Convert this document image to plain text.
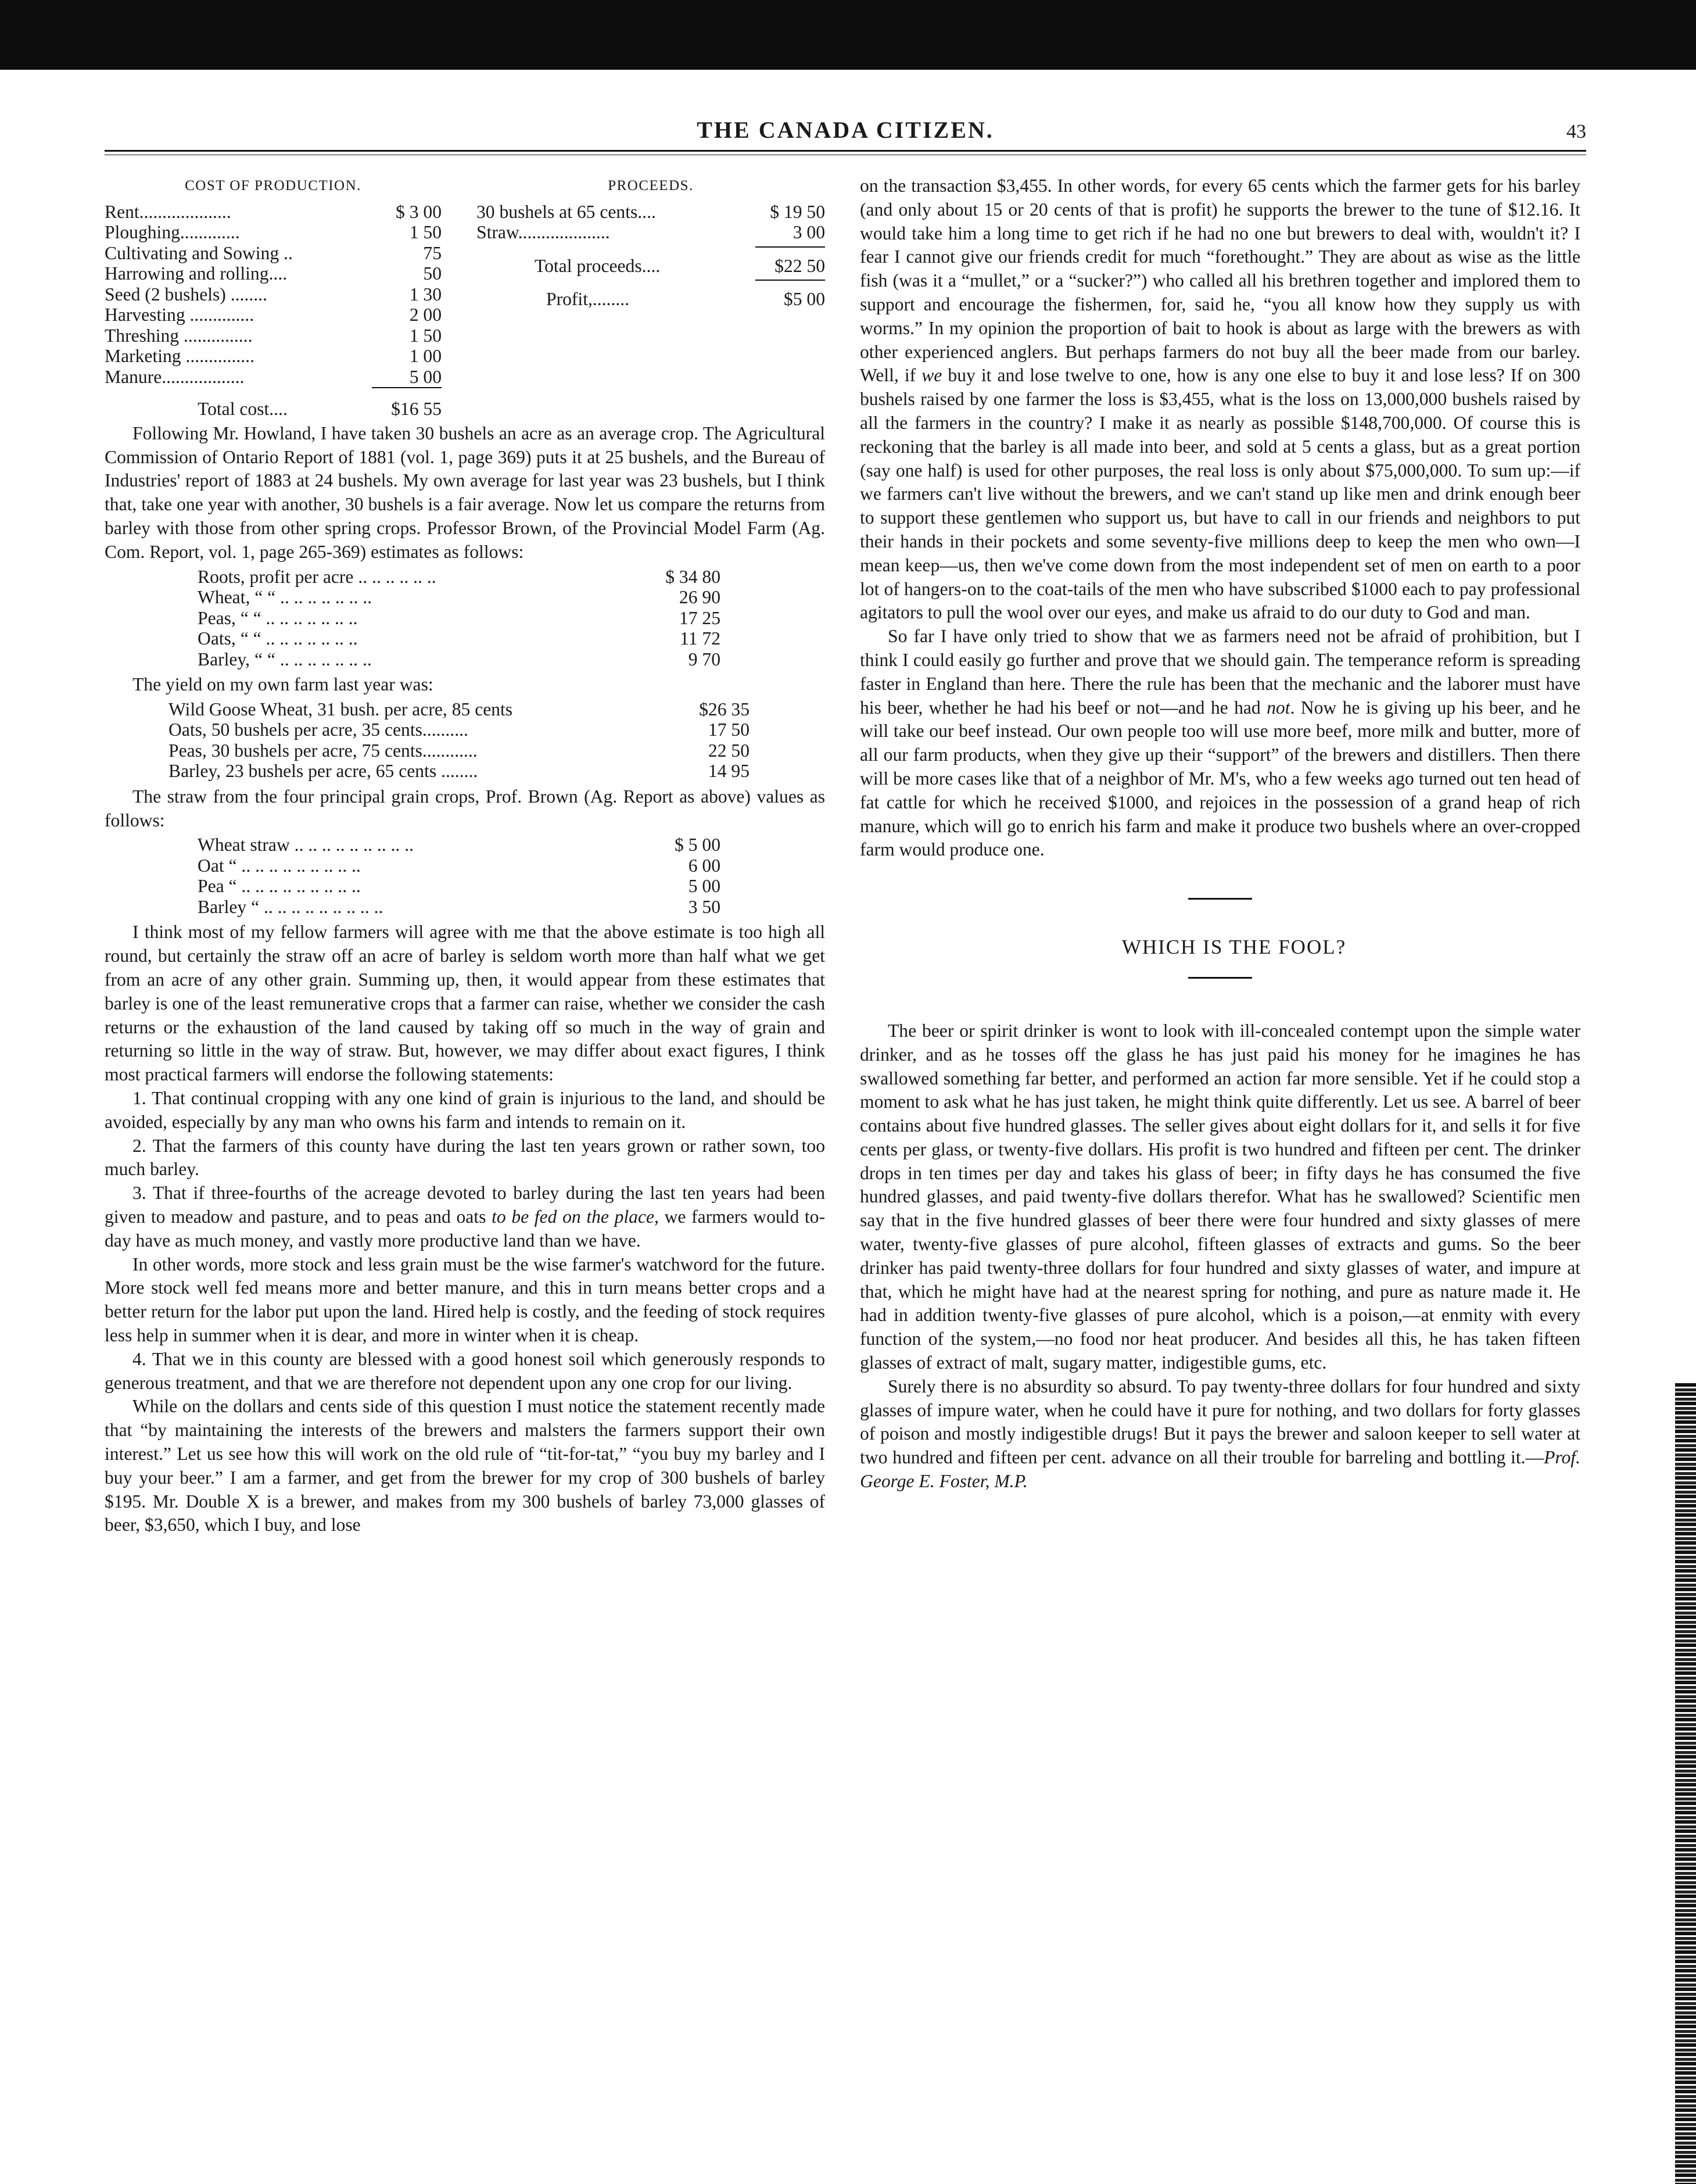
THE CANADA CITIZEN.	43
COST OF PRODUCTION.
Rent....................	$ 3 00
Ploughing.............	1 50
Cultivating and Sowing ..	75
Harrowing and rolling....	50
Seed (2 bushels) ........	1 30
Harvesting ..............	2 00
Threshing ...............	1 50
Marketing ...............	1 00
Manure..................	5 00
Total cost....	$16 55
PROCEEDS.
30 bushels at 65 cents....	$ 19 50
Straw....................	3 00
Total proceeds....	$22 50
Profit,........	$5 00

Following Mr. Howland, I have taken 30 bushels an acre as an average crop. The Agricultural Commission of Ontario Report of 1881 (vol. 1, page 369) puts it at 25 bushels, and the Bureau of Industries' report of 1883 at 24 bushels. My own average for last year was 23 bushels, but I think that, take one year with another, 30 bushels is a fair average. Now let us compare the returns from barley with those from other spring crops. Professor Brown, of the Provincial Model Farm (Ag. Com. Report, vol. 1, page 265-369) estimates as follows:

Roots, profit per acre .. .. .. .. .. ..	$ 34 80
Wheat, “ “ .. .. .. .. .. .. ..	26 90
Peas, “ “ .. .. .. .. .. .. ..	17 25
Oats, “ “ .. .. .. .. .. .. ..	11 72
Barley, “ “ .. .. .. .. .. .. ..	9 70

The yield on my own farm last year was:

Wild Goose Wheat, 31 bush. per acre, 85 cents	$26 35
Oats, 50 bushels per acre, 35 cents..........	17 50
Peas, 30 bushels per acre, 75 cents............	22 50
Barley, 23 bushels per acre, 65 cents ........	14 95

The straw from the four principal grain crops, Prof. Brown (Ag. Report as above) values as follows:

Wheat straw .. .. .. .. .. .. .. .. ..	$ 5 00
Oat “ .. .. .. .. .. .. .. .. ..	6 00
Pea “ .. .. .. .. .. .. .. .. ..	5 00
Barley “ .. .. .. .. .. .. .. .. ..	3 50

I think most of my fellow farmers will agree with me that the above estimate is too high all round, but certainly the straw off an acre of barley is seldom worth more than half what we get from an acre of any other grain. Summing up, then, it would appear from these estimates that barley is one of the least remunerative crops that a farmer can raise, whether we consider the cash returns or the exhaustion of the land caused by taking off so much in the way of grain and returning so little in the way of straw. But, however, we may differ about exact figures, I think most practical farmers will endorse the following statements:

1. That continual cropping with any one kind of grain is injurious to the land, and should be avoided, especially by any man who owns his farm and intends to remain on it.

2. That the farmers of this county have during the last ten years grown or rather sown, too much barley.

3. That if three-fourths of the acreage devoted to barley during the last ten years had been given to meadow and pasture, and to peas and oats to be fed on the place, we farmers would to-day have as much money, and vastly more productive land than we have.

In other words, more stock and less grain must be the wise farmer's watchword for the future. More stock well fed means more and better manure, and this in turn means better crops and a better return for the labor put upon the land. Hired help is costly, and the feeding of stock requires less help in summer when it is dear, and more in winter when it is cheap.

4. That we in this county are blessed with a good honest soil which generously responds to generous treatment, and that we are therefore not dependent upon any one crop for our living.

While on the dollars and cents side of this question I must notice the statement recently made that “by maintaining the interests of the brewers and malsters the farmers support their own interest.” Let us see how this will work on the old rule of “tit-for-tat,” “you buy my barley and I buy your beer.” I am a farmer, and get from the brewer for my crop of 300 bushels of barley $195. Mr. Double X is a brewer, and makes from my 300 bushels of barley 73,000 glasses of beer, $3,650, which I buy, and lose

on the transaction $3,455. In other words, for every 65 cents which the farmer gets for his barley (and only about 15 or 20 cents of that is profit) he supports the brewer to the tune of $12.16. It would take him a long time to get rich if he had no one but brewers to deal with, wouldn't it? I fear I cannot give our friends credit for much “forethought.” They are about as wise as the little fish (was it a “mullet,” or a “sucker?”) who called all his brethren together and implored them to support and encourage the fishermen, for, said he, “you all know how they supply us with worms.” In my opinion the proportion of bait to hook is about as large with the brewers as with other experienced anglers. But perhaps farmers do not buy all the beer made from our barley. Well, if we buy it and lose twelve to one, how is any one else to buy it and lose less? If on 300 bushels raised by one farmer the loss is $3,455, what is the loss on 13,000,000 bushels raised by all the farmers in the country? I make it as nearly as possible $148,700,000. Of course this is reckoning that the barley is all made into beer, and sold at 5 cents a glass, but as a great portion (say one half) is used for other purposes, the real loss is only about $75,000,000. To sum up:—if we farmers can't live without the brewers, and we can't stand up like men and drink enough beer to support these gentlemen who support us, but have to call in our friends and neighbors to put their hands in their pockets and some seventy-five millions deep to keep the men who own—I mean keep—us, then we've come down from the most independent set of men on earth to a poor lot of hangers-on to the coat-tails of the men who have subscribed $1000 each to pay professional agitators to pull the wool over our eyes, and make us afraid to do our duty to God and man.

So far I have only tried to show that we as farmers need not be afraid of prohibition, but I think I could easily go further and prove that we should gain. The temperance reform is spreading faster in England than here. There the rule has been that the mechanic and the laborer must have his beer, whether he had his beef or not—and he had not. Now he is giving up his beer, and he will take our beef instead. Our own people too will use more beef, more milk and butter, more of all our farm products, when they give up their “support” of the brewers and distillers. Then there will be more cases like that of a neighbor of Mr. M's, who a few weeks ago turned out ten head of fat cattle for which he received $1000, and rejoices in the possession of a grand heap of rich manure, which will go to enrich his farm and make it produce two bushels where an over-cropped farm would produce one.

WHICH IS THE FOOL?

The beer or spirit drinker is wont to look with ill-concealed contempt upon the simple water drinker, and as he tosses off the glass he has just paid his money for he imagines he has swallowed something far better, and performed an action far more sensible. Yet if he could stop a moment to ask what he has just taken, he might think quite differently. Let us see. A barrel of beer contains about five hundred glasses. The seller gives about eight dollars for it, and sells it for five cents per glass, or twenty-five dollars. His profit is two hundred and fifteen per cent. The drinker drops in ten times per day and takes his glass of beer; in fifty days he has consumed the five hundred glasses, and paid twenty-five dollars therefor. What has he swallowed? Scientific men say that in the five hundred glasses of beer there were four hundred and sixty glasses of mere water, twenty-five glasses of pure alcohol, fifteen glasses of extracts and gums. So the beer drinker has paid twenty-three dollars for four hundred and sixty glasses of water, and impure at that, which he might have had at the nearest spring for nothing, and pure as nature made it. He had in addition twenty-five glasses of pure alcohol, which is a poison,—at enmity with every function of the system,—no food nor heat producer. And besides all this, he has taken fifteen glasses of extract of malt, sugary matter, indigestible gums, etc.

Surely there is no absurdity so absurd. To pay twenty-three dollars for four hundred and sixty glasses of impure water, when he could have it pure for nothing, and two dollars for forty glasses of poison and mostly indigestible drugs! But it pays the brewer and saloon keeper to sell water at two hundred and fifteen per cent. advance on all their trouble for barreling and bottling it.—Prof. George E. Foster, M.P.
